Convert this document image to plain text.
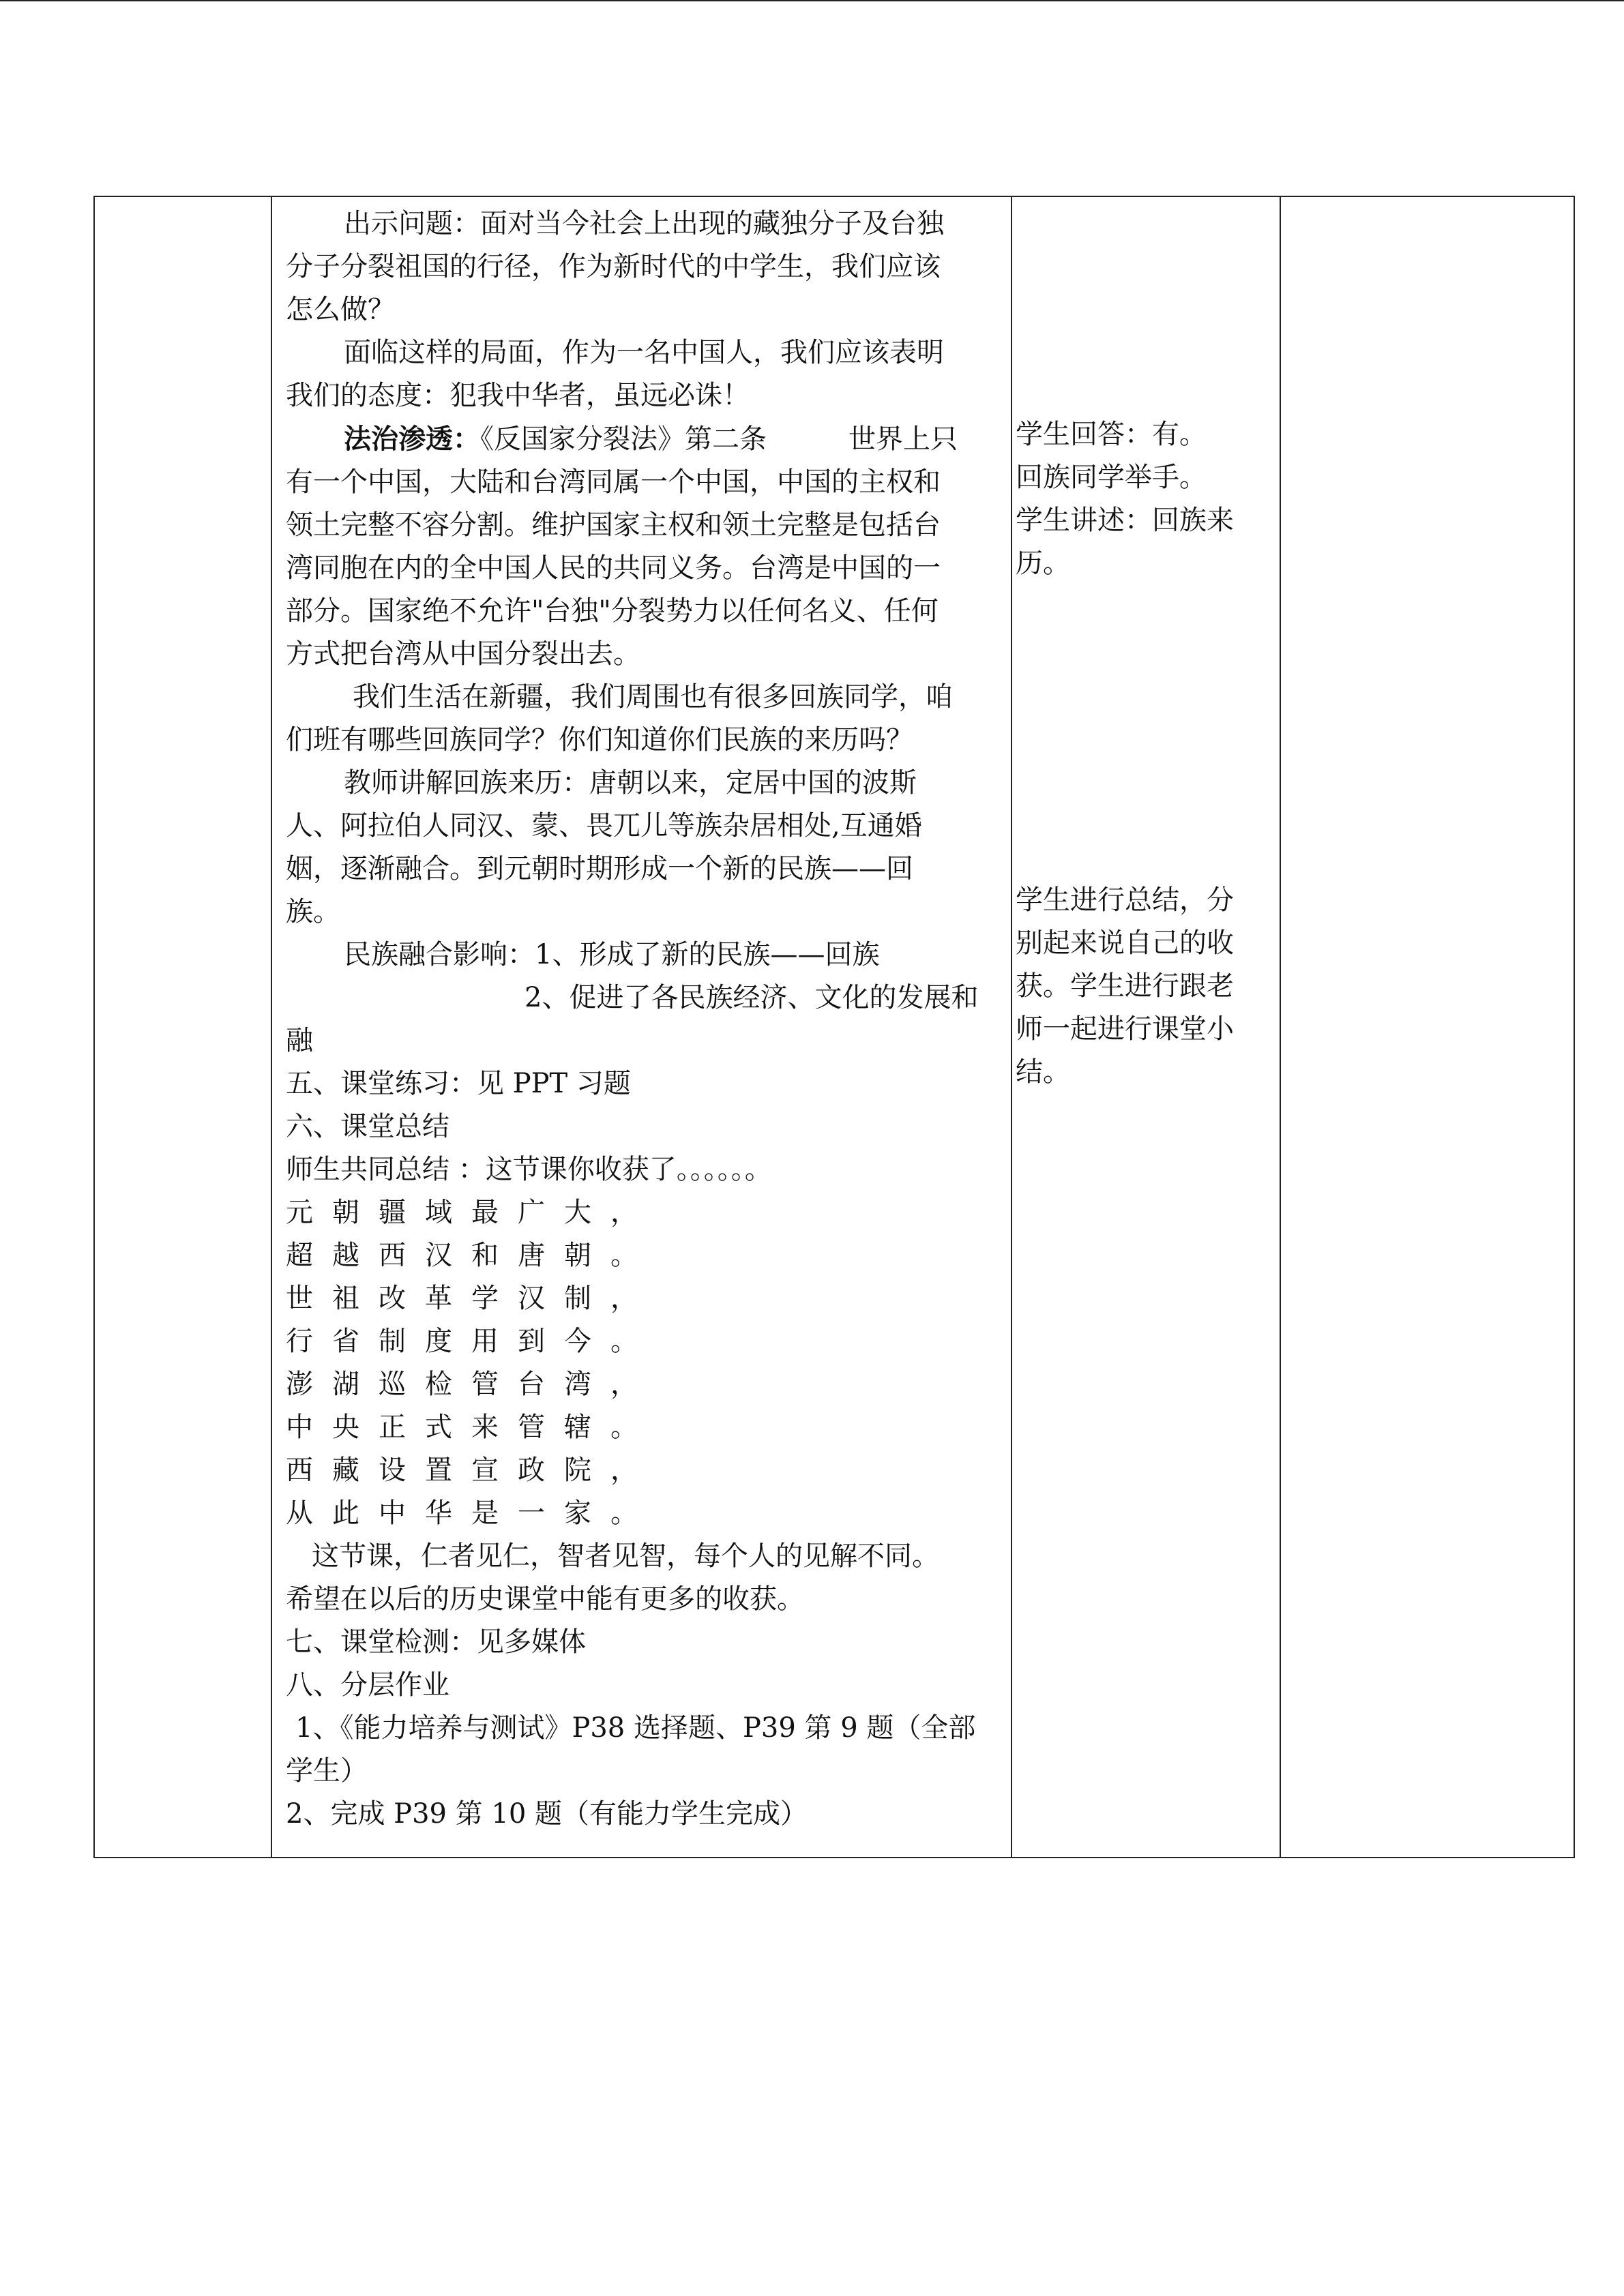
出示问题：面对当今社会上出现的藏独分子及台独

分子分裂祖国的行径，作为新时代的中学生，我们应该

怎么做？

面临这样的局面，作为一名中国人，我们应该表明

我们的态度：犯我中华者，虽远必诛！

法治渗透：《反国家分裂法》第二条	世界上只

有一个中国，大陆和台湾同属一个中国，中国的主权和

领土完整不容分割。维护国家主权和领土完整是包括台

湾同胞在内的全中国人民的共同义务。台湾是中国的一

部分。国家绝不允许"台独"分裂势力以任何名义、任何

方式把台湾从中国分裂出去。

我们生活在新疆，我们周围也有很多回族同学，咱

们班有哪些回族同学？你们知道你们民族的来历吗？

教师讲解回族来历：唐朝以来，定居中国的波斯

人、阿拉伯人同汉、蒙、畏兀儿等族杂居相处,互通婚

姻，逐渐融合。到元朝时期形成一个新的民族——回

族。

民族融合影响：1、形成了新的民族——回族

2、促进了各民族经济、文化的发展和

融

五、课堂练习：见 PPT 习题

六、课堂总结

师生共同总结 ：这节课你收获了。。。。。。

元朝疆域最广大，

超越西汉和唐朝。

世祖改革学汉制，

行省制度用到今。

澎湖巡检管台湾，

中央正式来管辖。

西藏设置宣政院，

从此中华是一家。

这节课，仁者见仁，智者见智，每个人的见解不同。

希望在以后的历史课堂中能有更多的收获。

七、课堂检测：见多媒体

八、分层作业

1、《能力培养与测试》P38 选择题、P39 第 9 题（全部

学生）

2、完成 P39 第 10 题（有能力学生完成）

学生回答：有。

回族同学举手。

学生讲述：回族来

历。

学生进行总结，分

别起来说自己的收

获。学生进行跟老

师一起进行课堂小

结。
